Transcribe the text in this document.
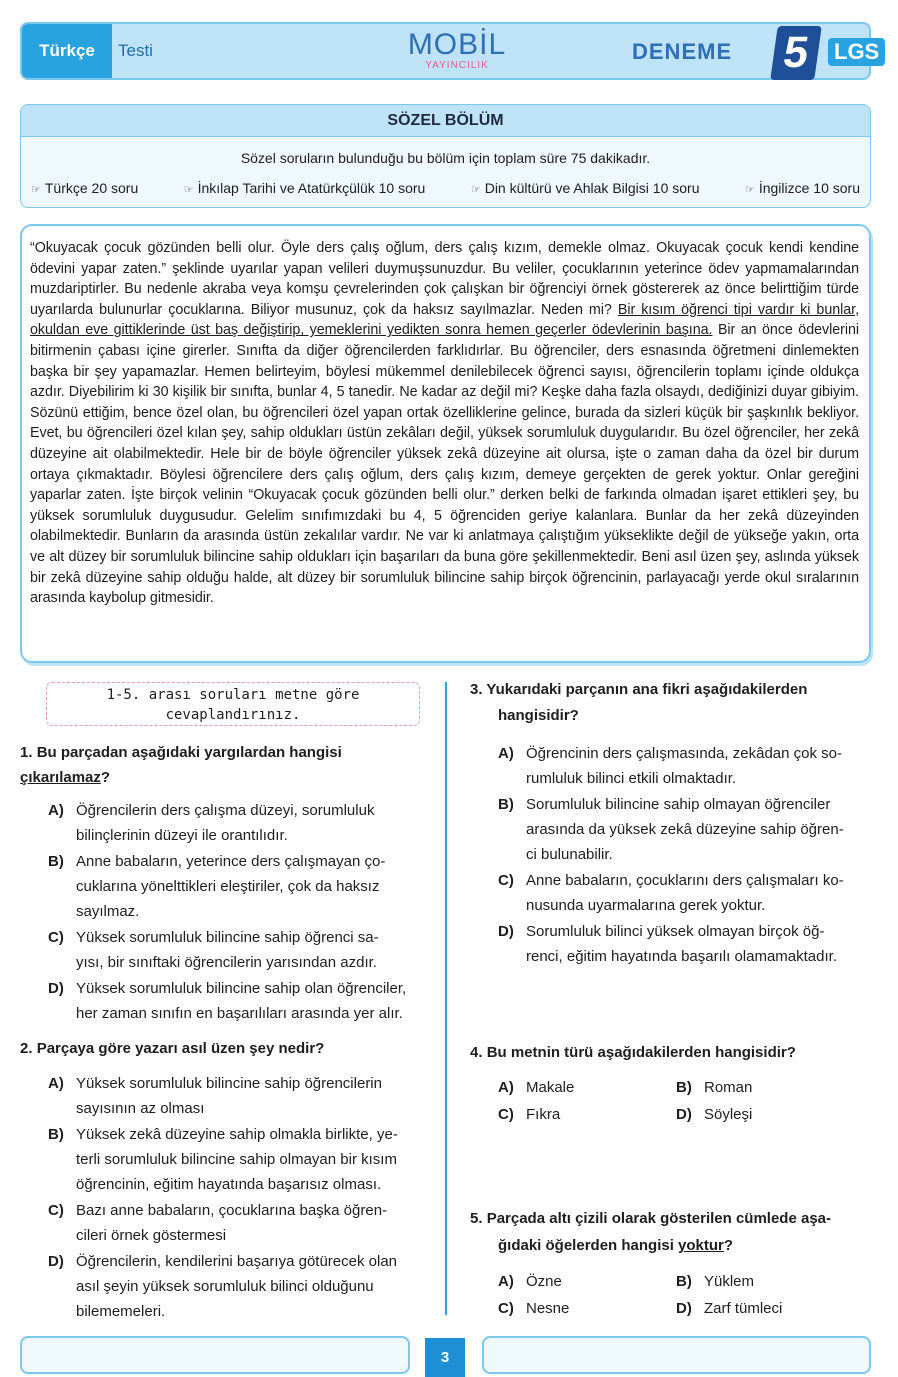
Türkçe	Testi	MOBİL
YAYINCILIK
DENEME 5	LGS
SÖZEL BÖLÜM
Sözel soruların bulunduğu bu bölüm için toplam süre 75 dakikadır.
☞ Türkçe 20 soru	☞ İnkılap Tarihi ve Atatürkçülük 10 soru	☞ Din kültürü ve Ahlak Bilgisi 10 soru	☞ İngilizce 10 soru

“Okuyacak çocuk gözünden belli olur. Öyle ders çalış oğlum, ders çalış kızım, demekle olmaz. Okuyacak çocuk kendi kendine ödevini yapar zaten.” şeklinde uyarılar yapan velileri duymuşsunuzdur. Bu veliler, çocuklarının yeterince ödev yapmamalarından muzdariptirler. Bu nedenle akraba veya komşu çevrelerinden çok çalışkan bir öğrenciyi örnek göstererek az önce belirttiğim türde uyarılarda bulunurlar çocuklarına. Biliyor musunuz, çok da haksız sayılmazlar. Neden mi? Bir kısım öğrenci tipi vardır ki bunlar, okuldan eve gittiklerinde üst baş değiştirip, yemeklerini yedikten sonra hemen geçerler ödevlerinin başına. Bir an önce ödevlerini bitirmenin çabası içine girerler. Sınıfta da diğer öğrencilerden farklıdırlar. Bu öğrenciler, ders esnasında öğretmeni dinlemekten başka bir şey yapamazlar. Hemen belirteyim, böylesi mükemmel denilebilecek öğrenci sayısı, öğrencilerin toplamı içinde oldukça azdır. Diyebilirim ki 30 kişilik bir sınıfta, bunlar 4, 5 tanedir. Ne kadar az değil mi? Keşke daha fazla olsaydı, dediğinizi duyar gibiyim. Sözünü ettiğim, bence özel olan, bu öğrencileri özel yapan ortak özelliklerine gelince, burada da sizleri küçük bir şaşkınlık bekliyor. Evet, bu öğrencileri özel kılan şey, sahip oldukları üstün zekâları değil, yüksek sorumluluk duygularıdır. Bu özel öğrenciler, her zekâ düzeyine ait olabilmektedir. Hele bir de böyle öğrenciler yüksek zekâ düzeyine ait olursa, işte o zaman daha da özel bir durum ortaya çıkmaktadır. Böylesi öğrencilere ders çalış oğlum, ders çalış kızım, demeye gerçekten de gerek yoktur. Onlar gereğini yaparlar zaten. İşte birçok velinin “Okuyacak çocuk gözünden belli olur.” derken belki de farkında olmadan işaret ettikleri şey, bu yüksek sorumluluk duygusudur. Gelelim sınıfımızdaki bu 4, 5 öğrenciden geriye kalanlara. Bunlar da her zekâ düzeyinden olabilmektedir. Bunların da arasında üstün zekalılar vardır. Ne var ki anlatmaya çalıştığım yükseklikte değil de yükseğe yakın, orta ve alt düzey bir sorumluluk bilincine sahip oldukları için başarıları da buna göre şekillenmektedir. Beni asıl üzen şey, aslında yüksek bir zekâ düzeyine sahip olduğu halde, alt düzey bir sorumluluk bilincine sahip birçok öğrencinin, parlayacağı yerde okul sıralarının arasında kaybolup gitmesidir.

1-5. arası soruları metne göre
cevaplandırınız.
1. Bu parçadan aşağıdaki yargılardan hangisi
çıkarılamaz?
A) Öğrencilerin ders çalışma düzeyi, sorumluluk
bilinçlerinin düzeyi ile orantılıdır.
B) Anne babaların, yeterince ders çalışmayan ço-
cuklarına yönelttikleri eleştiriler, çok da haksız
sayılmaz.
C) Yüksek sorumluluk bilincine sahip öğrenci sa-
yısı, bir sınıftaki öğrencilerin yarısından azdır.
D) Yüksek sorumluluk bilincine sahip olan öğrenciler,
her zaman sınıfın en başarılıları arasında yer alır.
2. Parçaya göre yazarı asıl üzen şey nedir?
A) Yüksek sorumluluk bilincine sahip öğrencilerin
sayısının az olması
B) Yüksek zekâ düzeyine sahip olmakla birlikte, ye-
terli sorumluluk bilincine sahip olmayan bir kısım
öğrencinin, eğitim hayatında başarısız olması.
C) Bazı anne babaların, çocuklarına başka öğren-
cileri örnek göstermesi
D) Öğrencilerin, kendilerini başarıya götürecek olan
asıl şeyin yüksek sorumluluk bilinci olduğunu
bilememeleri.
3. Yukarıdaki parçanın ana fikri aşağıdakilerden
hangisidir?
A) Öğrencinin ders çalışmasında, zekâdan çok so-
rumluluk bilinci etkili olmaktadır.
B) Sorumluluk bilincine sahip olmayan öğrenciler
arasında da yüksek zekâ düzeyine sahip öğren-
ci bulunabilir.
C) Anne babaların, çocuklarını ders çalışmaları ko-
nusunda uyarmalarına gerek yoktur.
D) Sorumluluk bilinci yüksek olmayan birçok öğ-
renci, eğitim hayatında başarılı olamamaktadır.
4. Bu metnin türü aşağıdakilerden hangisidir?
A) Makale	B) Roman
C) Fıkra	D) Söyleşi
5. Parçada altı çizili olarak gösterilen cümlede aşa-
ğıdaki öğelerden hangisi yoktur?
A) Özne	B) Yüklem
C) Nesne	D) Zarf tümleci
3
